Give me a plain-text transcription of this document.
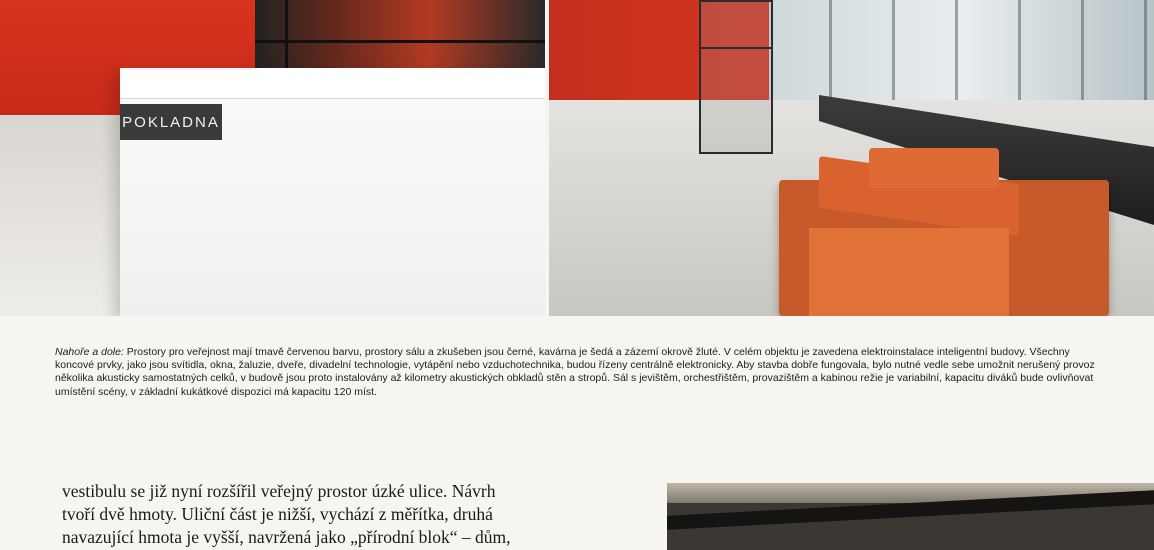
POKLADNA
Nahoře a dole: Prostory pro veřejnost mají tmavě červenou barvu, prostory sálu a zkušeben jsou černé, kavárna je šedá a zázemí okrově žluté. V celém objektu je zavedena elektroinstalace inteligentní budovy. Všechny koncové prvky, jako jsou svítidla, okna, žaluzie, dveře, divadelní technologie, vytápění nebo vzduchotechnika, budou řízeny centrálně elektronicky. Aby stavba dobře fungovala, bylo nutné vedle sebe umožnit nerušený provoz několika akusticky samostatných celků, v budově jsou proto instalovány až kilometry akustických obkladů stěn a stropů. Sál s jevištěm, orchestřištěm, provazištěm a kabinou režie je variabilní, kapacitu diváků bude ovlivňovat umístění scény, v základní kukátkové dispozici má kapacitu 120 míst.
vestibulu se již nyní rozšířil veřejný prostor úzké ulice. Návrh
tvoří dvě hmoty. Uliční část je nižší, vychází z měřítka, druhá
navazující hmota je vyšší, navržená jako „přírodní blok“ – dům,
